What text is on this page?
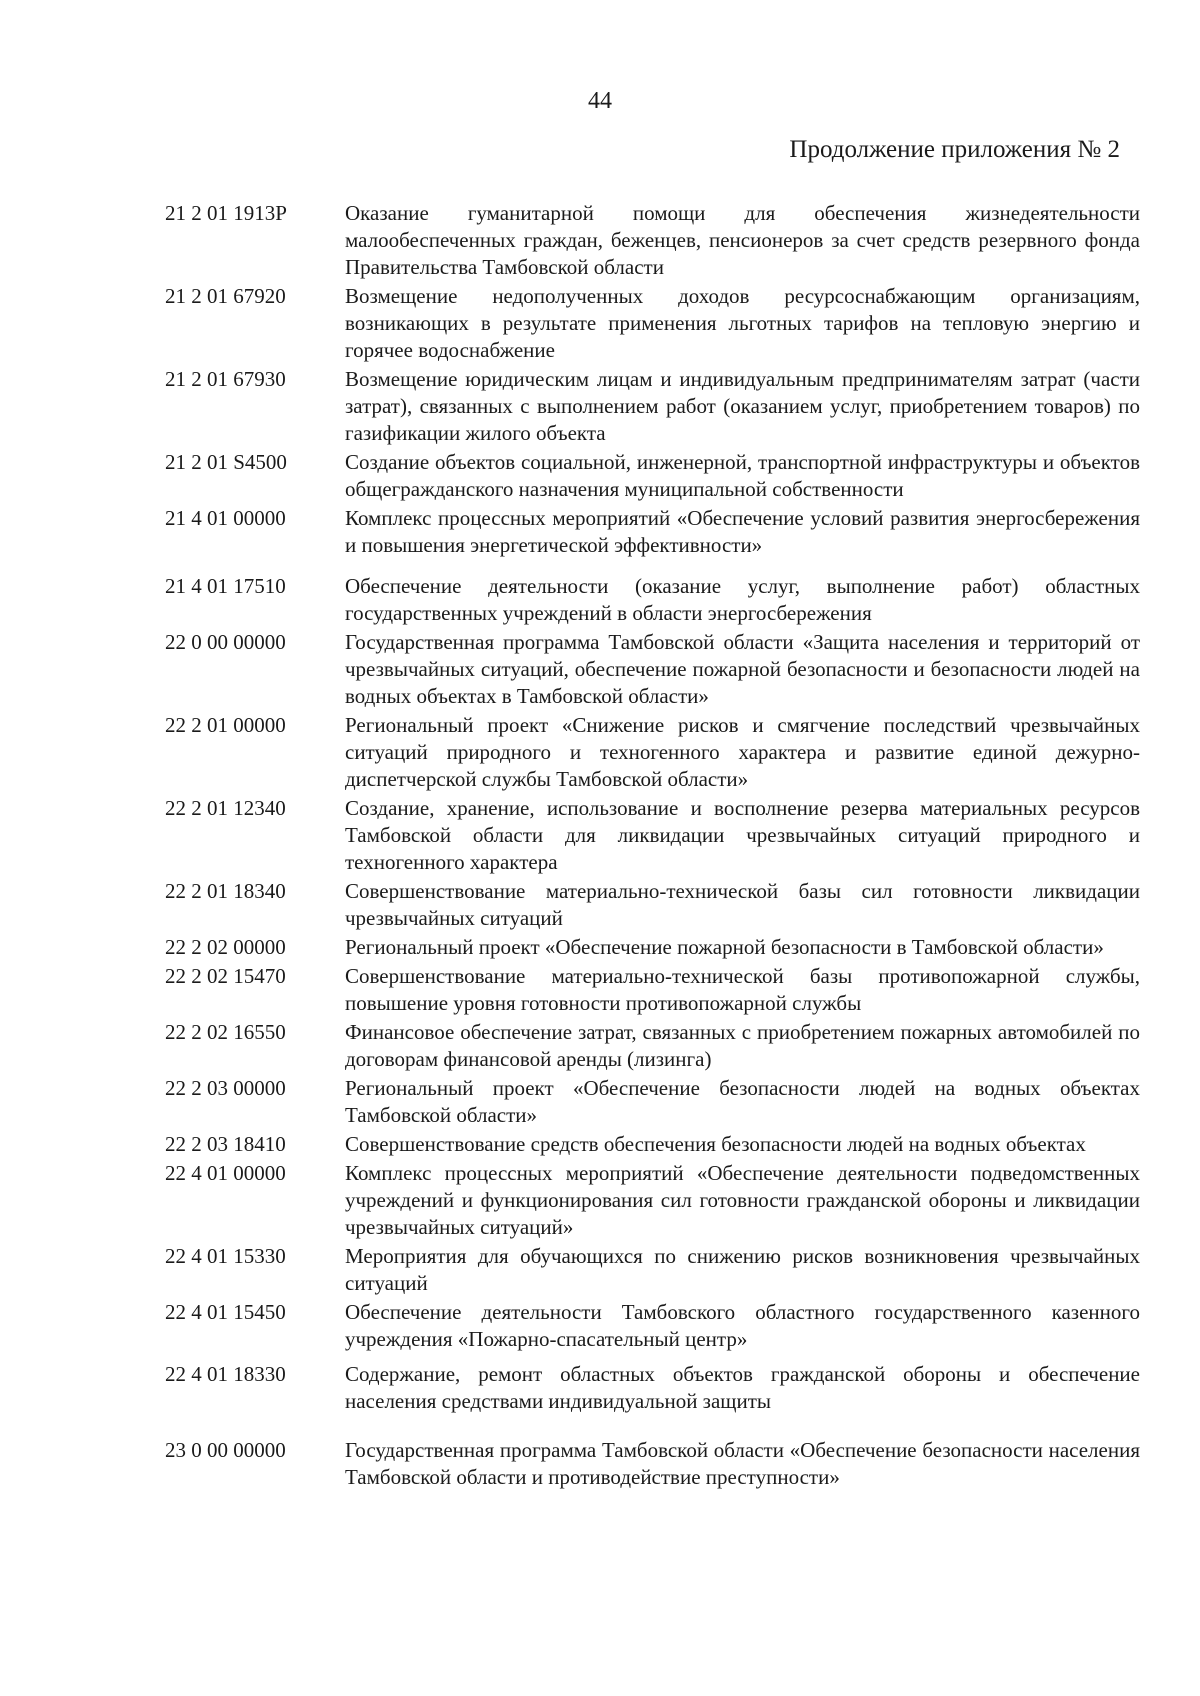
44
Продолжение приложения № 2
21 2 01 1913Р	Оказание гуманитарной помощи для обеспечения жизнедеятельности малообеспеченных граждан, беженцев, пенсионеров за счет средств резервного фонда Правительства Тамбовской области
21 2 01 67920	Возмещение недополученных доходов ресурсоснабжающим организациям, возникающих в результате применения льготных тарифов на тепловую энергию и горячее водоснабжение
21 2 01 67930	Возмещение юридическим лицам и индивидуальным предпринимателям затрат (части затрат), связанных с выполнением работ (оказанием услуг, приобретением товаров) по газификации жилого объекта
21 2 01 S4500	Создание объектов социальной, инженерной, транспортной инфраструктуры и объектов общегражданского назначения муниципальной собственности
21 4 01 00000	Комплекс процессных мероприятий «Обеспечение условий развития энергосбережения и повышения энергетической эффективности»
21 4 01 17510	Обеспечение деятельности (оказание услуг, выполнение работ) областных государственных учреждений в области энергосбережения
22 0 00 00000	Государственная программа Тамбовской области «Защита населения и территорий от чрезвычайных ситуаций, обеспечение пожарной безопасности и безопасности людей на водных объектах в Тамбовской области»
22 2 01 00000	Региональный проект «Снижение рисков и смягчение последствий чрезвычайных ситуаций природного и техногенного характера и развитие единой дежурно-диспетчерской службы Тамбовской области»
22 2 01 12340	Создание, хранение, использование и восполнение резерва материальных ресурсов Тамбовской области для ликвидации чрезвычайных ситуаций природного и техногенного характера
22 2 01 18340	Совершенствование материально-технической базы сил готовности ликвидации чрезвычайных ситуаций
22 2 02 00000	Региональный проект «Обеспечение пожарной безопасности в Тамбовской области»
22 2 02 15470	Совершенствование материально-технической базы противопожарной службы, повышение уровня готовности противопожарной службы
22 2 02 16550	Финансовое обеспечение затрат, связанных с приобретением пожарных автомобилей по договорам финансовой аренды (лизинга)
22 2 03 00000	Региональный проект «Обеспечение безопасности людей на водных объектах Тамбовской области»
22 2 03 18410	Совершенствование средств обеспечения безопасности людей на водных объектах
22 4 01 00000	Комплекс процессных мероприятий «Обеспечение деятельности подведомственных учреждений и функционирования сил готовности гражданской обороны и ликвидации чрезвычайных ситуаций»
22 4 01 15330	Мероприятия для обучающихся по снижению рисков возникновения чрезвычайных ситуаций
22 4 01 15450	Обеспечение деятельности Тамбовского областного государственного казенного учреждения «Пожарно-спасательный центр»
22 4 01 18330	Содержание, ремонт областных объектов гражданской обороны и обеспечение населения средствами индивидуальной защиты
23 0 00 00000	Государственная программа Тамбовской области «Обеспечение безопасности населения Тамбовской области и противодействие преступности»
